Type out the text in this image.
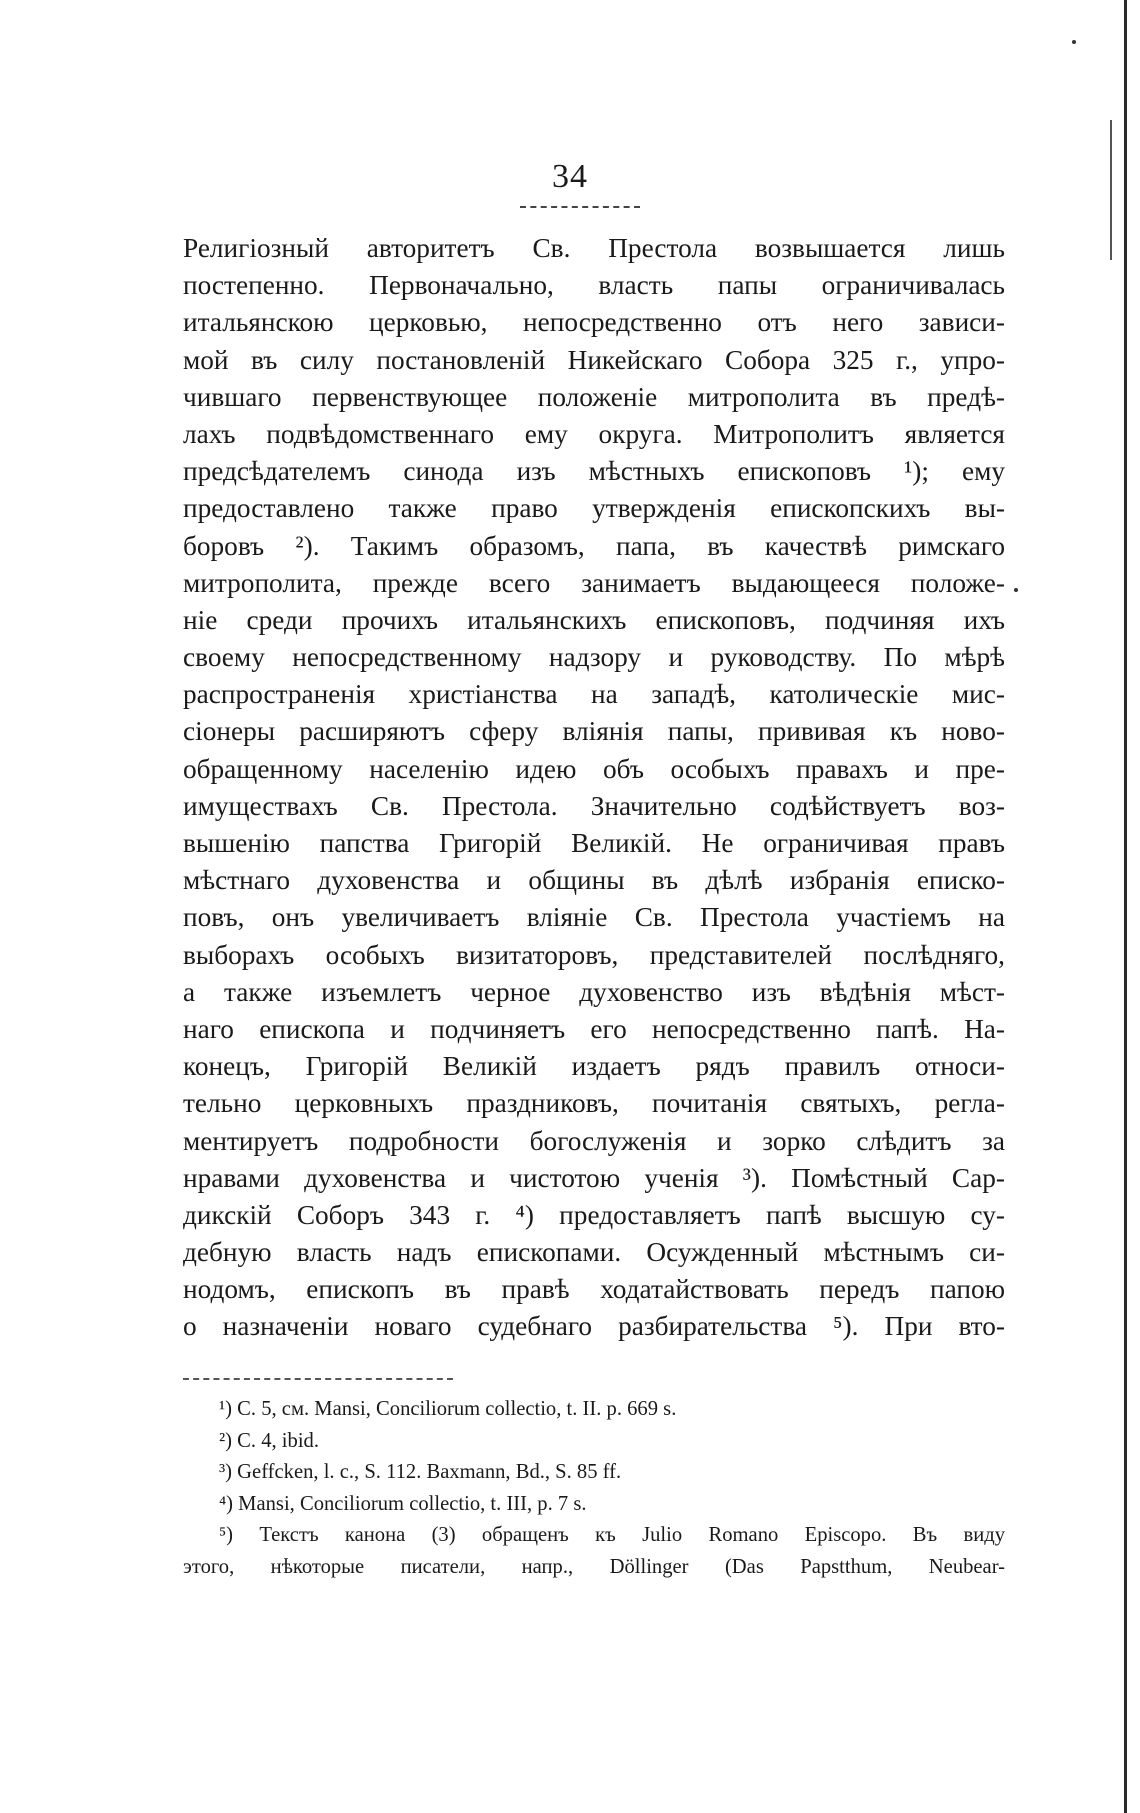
34
Религіозный авторитетъ Св. Престола возвышается лишь
постепенно. Первоначально, власть папы ограничивалась
итальянскою церковью, непосредственно отъ него зависи-
мой въ силу постановленій Никейскаго Собора 325 г., упро-
чившаго первенствующее положеніе митрополита въ предѣ-
лахъ подвѣдомственнаго ему округа. Митрополитъ является
предсѣдателемъ синода изъ мѣстныхъ епископовъ ¹); ему
предоставлено также право утвержденія епископскихъ вы-
боровъ ²). Такимъ образомъ, папа, въ качествѣ римскаго
митрополита, прежде всего занимаетъ выдающееся положе-
ніе среди прочихъ итальянскихъ епископовъ, подчиняя ихъ
своему непосредственному надзору и руководству. По мѣрѣ
распространенія христіанства на западѣ, католическіе мис-
сіонеры расширяютъ сферу вліянія папы, прививая къ ново-
обращенному населенію идею объ особыхъ правахъ и пре-
имуществахъ Св. Престола. Значительно содѣйствуетъ воз-
вышенію папства Григорій Великій. Не ограничивая правъ
мѣстнаго духовенства и общины въ дѣлѣ избранія еписко-
повъ, онъ увеличиваетъ вліяніе Св. Престола участіемъ на
выборахъ особыхъ визитаторовъ, представителей послѣдняго,
а также изъемлетъ черное духовенство изъ вѣдѣнія мѣст-
наго епископа и подчиняетъ его непосредственно папѣ. На-
конецъ, Григорій Великій издаетъ рядъ правилъ относи-
тельно церковныхъ праздниковъ, почитанія святыхъ, регла-
ментируетъ подробности богослуженія и зорко слѣдитъ за
нравами духовенства и чистотою ученія ³). Помѣстный Сар-
дикскій Соборъ 343 г. ⁴) предоставляетъ папѣ высшую су-
дебную власть надъ епископами. Осужденный мѣстнымъ си-
нодомъ, епископъ въ правѣ ходатайствовать передъ папою
о назначеніи новаго судебнаго разбирательства ⁵). При вто-
¹) C. 5, см. Mansi, Conciliorum collectio, t. II. p. 669 s.
²) C. 4, ibid.
³) Geffcken, l. c., S. 112. Baxmann, Bd., S. 85 ff.
⁴) Mansi, Conciliorum collectio, t. III, p. 7 s.
⁵) Текстъ канона (3) обращенъ къ Julio Romano Episcopo. Въ виду
этого, нѣкоторые писатели, напр., Döllinger (Das Papstthum, Neubear-
